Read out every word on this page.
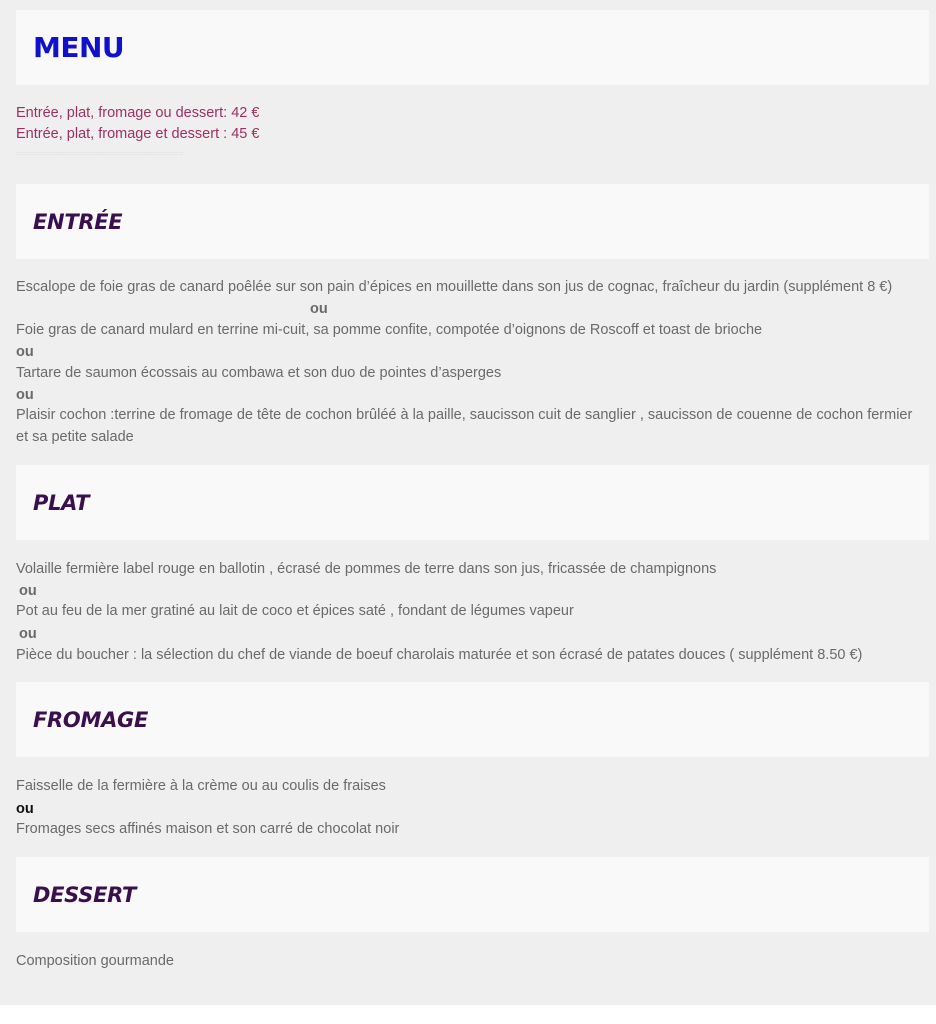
MENU
Entrée, plat, fromage ou dessert: 42 €
Entrée, plat, fromage et dessert : 45 €
======================================
ENTRÉE
Escalope de foie gras de canard poêlée sur son pain d’épices en mouillette dans son jus de cognac, fraîcheur du jardin (supplément 8 €)
ou
Foie gras de canard mulard en terrine mi-cuit, sa pomme confite, compotée d’oignons de Roscoff et toast de brioche
ou
Tartare de saumon écossais au combawa et son duo de pointes d’asperges
ou
Plaisir cochon :terrine de fromage de tête de cochon brûléé à la paille, saucisson cuit de sanglier , saucisson de couenne de cochon fermier et sa petite salade
PLAT
Volaille fermière label rouge en ballotin , écrasé de pommes de terre dans son jus, fricassée de champignons
ou
Pot au feu de la mer gratiné au lait de coco et épices saté , fondant de légumes vapeur
ou
Pièce du boucher : la sélection du chef de viande de boeuf charolais maturée et son écrasé de patates douces ( supplément 8.50 €)
FROMAGE
Faisselle de la fermière à la crème ou au coulis de fraises
ou
Fromages secs affinés maison et son carré de chocolat noir
DESSERT
Composition gourmande
